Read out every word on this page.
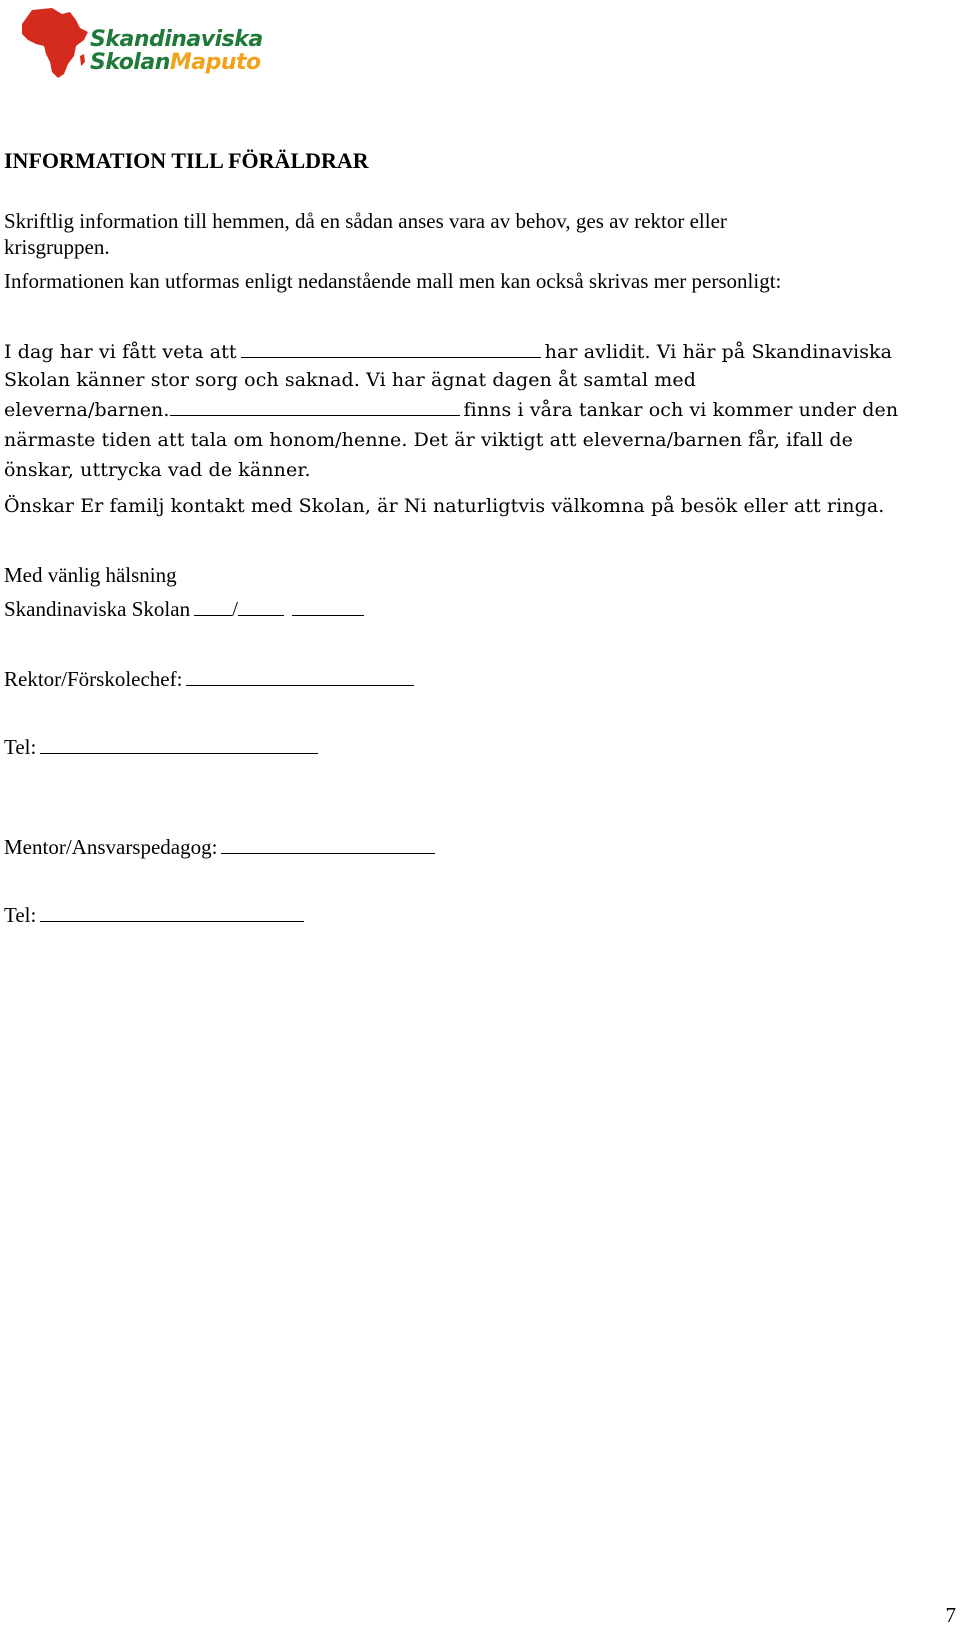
Skandinaviska
SkolanMaputo
INFORMATION TILL FÖRÄLDRAR
Skriftlig information till hemmen, då en sådan anses vara av behov, ges av rektor eller
krisgruppen.
Informationen kan utformas enligt nedanstående mall men kan också skrivas mer personligt:
I dag har vi fått veta att	har avlidit. Vi här på Skandinaviska
Skolan känner stor sorg och saknad. Vi har ägnat dagen åt samtal med
eleverna/barnen.	finns i våra tankar och vi kommer under den
närmaste tiden att tala om honom/henne. Det är viktigt att eleverna/barnen får, ifall de
önskar, uttrycka vad de känner.
Önskar Er familj kontakt med Skolan, är Ni naturligtvis välkomna på besök eller att ringa.
Med vänlig hälsning
Skandinaviska Skolan /
Rektor/Förskolechef:
Tel:
Mentor/Ansvarspedagog:
Tel:
7
